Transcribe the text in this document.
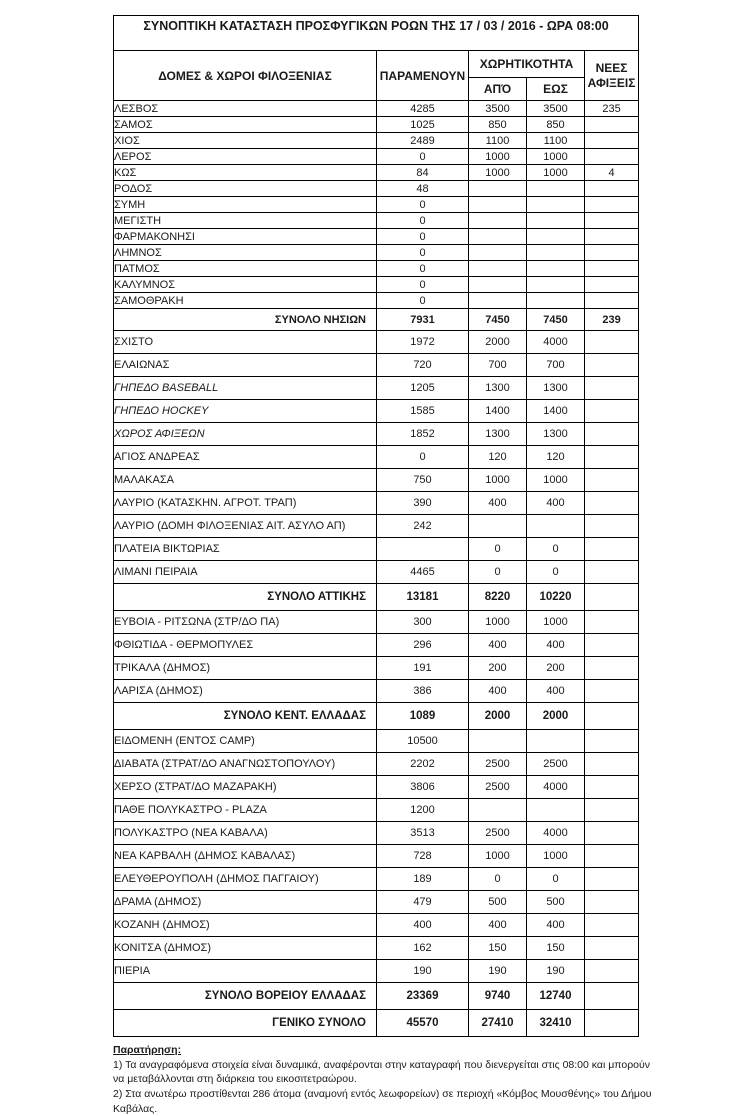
ΣΥΝΟΠΤΙΚΗ ΚΑΤΑΣΤΑΣΗ ΠΡΟΣΦΥΓΙΚΩΝ ΡΟΩΝ ΤΗΣ 17 / 03 / 2016 - ΩΡΑ 08:00				
ΔΟΜΕΣ & ΧΩΡΟΙ ΦΙΛΟΞΕΝΙΑΣ	ΠΑΡΑΜΕΝΟΥΝ	ΧΩΡΗΤΙΚΟΤΗΤΑ		ΝΕΕΣ ΑΦΙΞΕΙΣ
		ΑΠΌ	ΕΩΣ	
ΛΕΣΒΟΣ	4285	3500	3500	235
ΣΑΜΟΣ	1025	850	850	
ΧΙΟΣ	2489	1100	1100	
ΛΕΡΟΣ	0	1000	1000	
ΚΩΣ	84	1000	1000	4
ΡΟΔΟΣ	48			
ΣΥΜΗ	0			
ΜΕΓΙΣΤΗ	0			
ΦΑΡΜΑΚΟΝΗΣΙ	0			
ΛΗΜΝΟΣ	0			
ΠΑΤΜΟΣ	0			
ΚΑΛΥΜΝΟΣ	0			
ΣΑΜΟΘΡΑΚΗ	0			
ΣΥΝΟΛΟ ΝΗΣΙΩΝ	7931	7450	7450	239
ΣΧΙΣΤΟ	1972	2000	4000	
ΕΛΑΙΩΝΑΣ	720	700	700	
ΓΗΠΕΔΟ BASEBALL	1205	1300	1300	
ΓΗΠΕΔΟ HOCKEY	1585	1400	1400	
ΧΩΡΟΣ ΑΦΙΞΕΩΝ	1852	1300	1300	
ΑΓΙΟΣ ΑΝΔΡΕΑΣ	0	120	120	
ΜΑΛΑΚΑΣΑ	750	1000	1000	
ΛΑΥΡΙΟ (ΚΑΤΑΣΚΗΝ. ΑΓΡΟΤ. ΤΡΑΠ)	390	400	400	
ΛΑΥΡΙΟ (ΔΟΜΗ ΦΙΛΟΞΕΝΙΑΣ ΑΙΤ. ΑΣΥΛΟ ΑΠ)	242			
ΠΛΑΤΕΙΑ ΒΙΚΤΩΡΙΑΣ		0	0	
ΛΙΜΑΝΙ ΠΕΙΡΑΙΑ	4465	0	0	
ΣΥΝΟΛΟ ΑΤΤΙΚΗΣ	13181	8220	10220	
ΕΥΒΟΙΑ - ΡΙΤΣΩΝΑ (ΣΤΡ/ΔΟ ΠΑ)	300	1000	1000	
ΦΘΙΩΤΙΔΑ - ΘΕΡΜΟΠΥΛΕΣ	296	400	400	
ΤΡΙΚΑΛΑ (ΔΗΜΟΣ)	191	200	200	
ΛΑΡΙΣΑ (ΔΗΜΟΣ)	386	400	400	
ΣΥΝΟΛΟ ΚΕΝΤ. ΕΛΛΑΔΑΣ	1089	2000	2000	
ΕΙΔΟΜΕΝΗ (ΕΝΤΟΣ CAMP)	10500			
ΔΙΑΒΑΤΑ (ΣΤΡΑΤ/ΔΟ ΑΝΑΓΝΩΣΤΟΠΟΥΛΟΥ)	2202	2500	2500	
ΧΕΡΣΟ (ΣΤΡΑΤ/ΔΟ ΜΑΖΑΡΑΚΗ)	3806	2500	4000	
ΠΑΘΕ ΠΟΛΥΚΑΣΤΡΟ - PLAZA	1200			
ΠΟΛΥΚΑΣΤΡΟ (ΝΕΑ ΚΑΒΑΛΑ)	3513	2500	4000	
ΝΕΑ ΚΑΡΒΑΛΗ (ΔΗΜΟΣ ΚΑΒΑΛΑΣ)	728	1000	1000	
ΕΛΕΥΘΕΡΟΥΠΟΛΗ (ΔΗΜΟΣ ΠΑΓΓΑΙΟΥ)	189	0	0	
ΔΡΑΜΑ (ΔΗΜΟΣ)	479	500	500	
ΚΟΖΑΝΗ (ΔΗΜΟΣ)	400	400	400	
ΚΟΝΙΤΣΑ (ΔΗΜΟΣ)	162	150	150	
ΠΙΕΡΙΑ	190	190	190	
ΣΥΝΟΛΟ ΒΟΡΕΙΟΥ ΕΛΛΑΔΑΣ	23369	9740	12740	
ΓΕΝΙΚΟ ΣΥΝΟΛΟ	45570	27410	32410	
Παρατήρηση:
1) Τα αναγραφόμενα στοιχεία είναι δυναμικά, αναφέρονται στην καταγραφή που διενεργείται στις 08:00 και μπορούν να μεταβάλλονται στη διάρκεια του εικοσιτετραώρου.
2) Στα ανωτέρω προστίθενται 286 άτομα (αναμονή εντός λεωφορείων) σε περιοχή «Κόμβος Μουσθένης» του Δήμου Καβάλας.
